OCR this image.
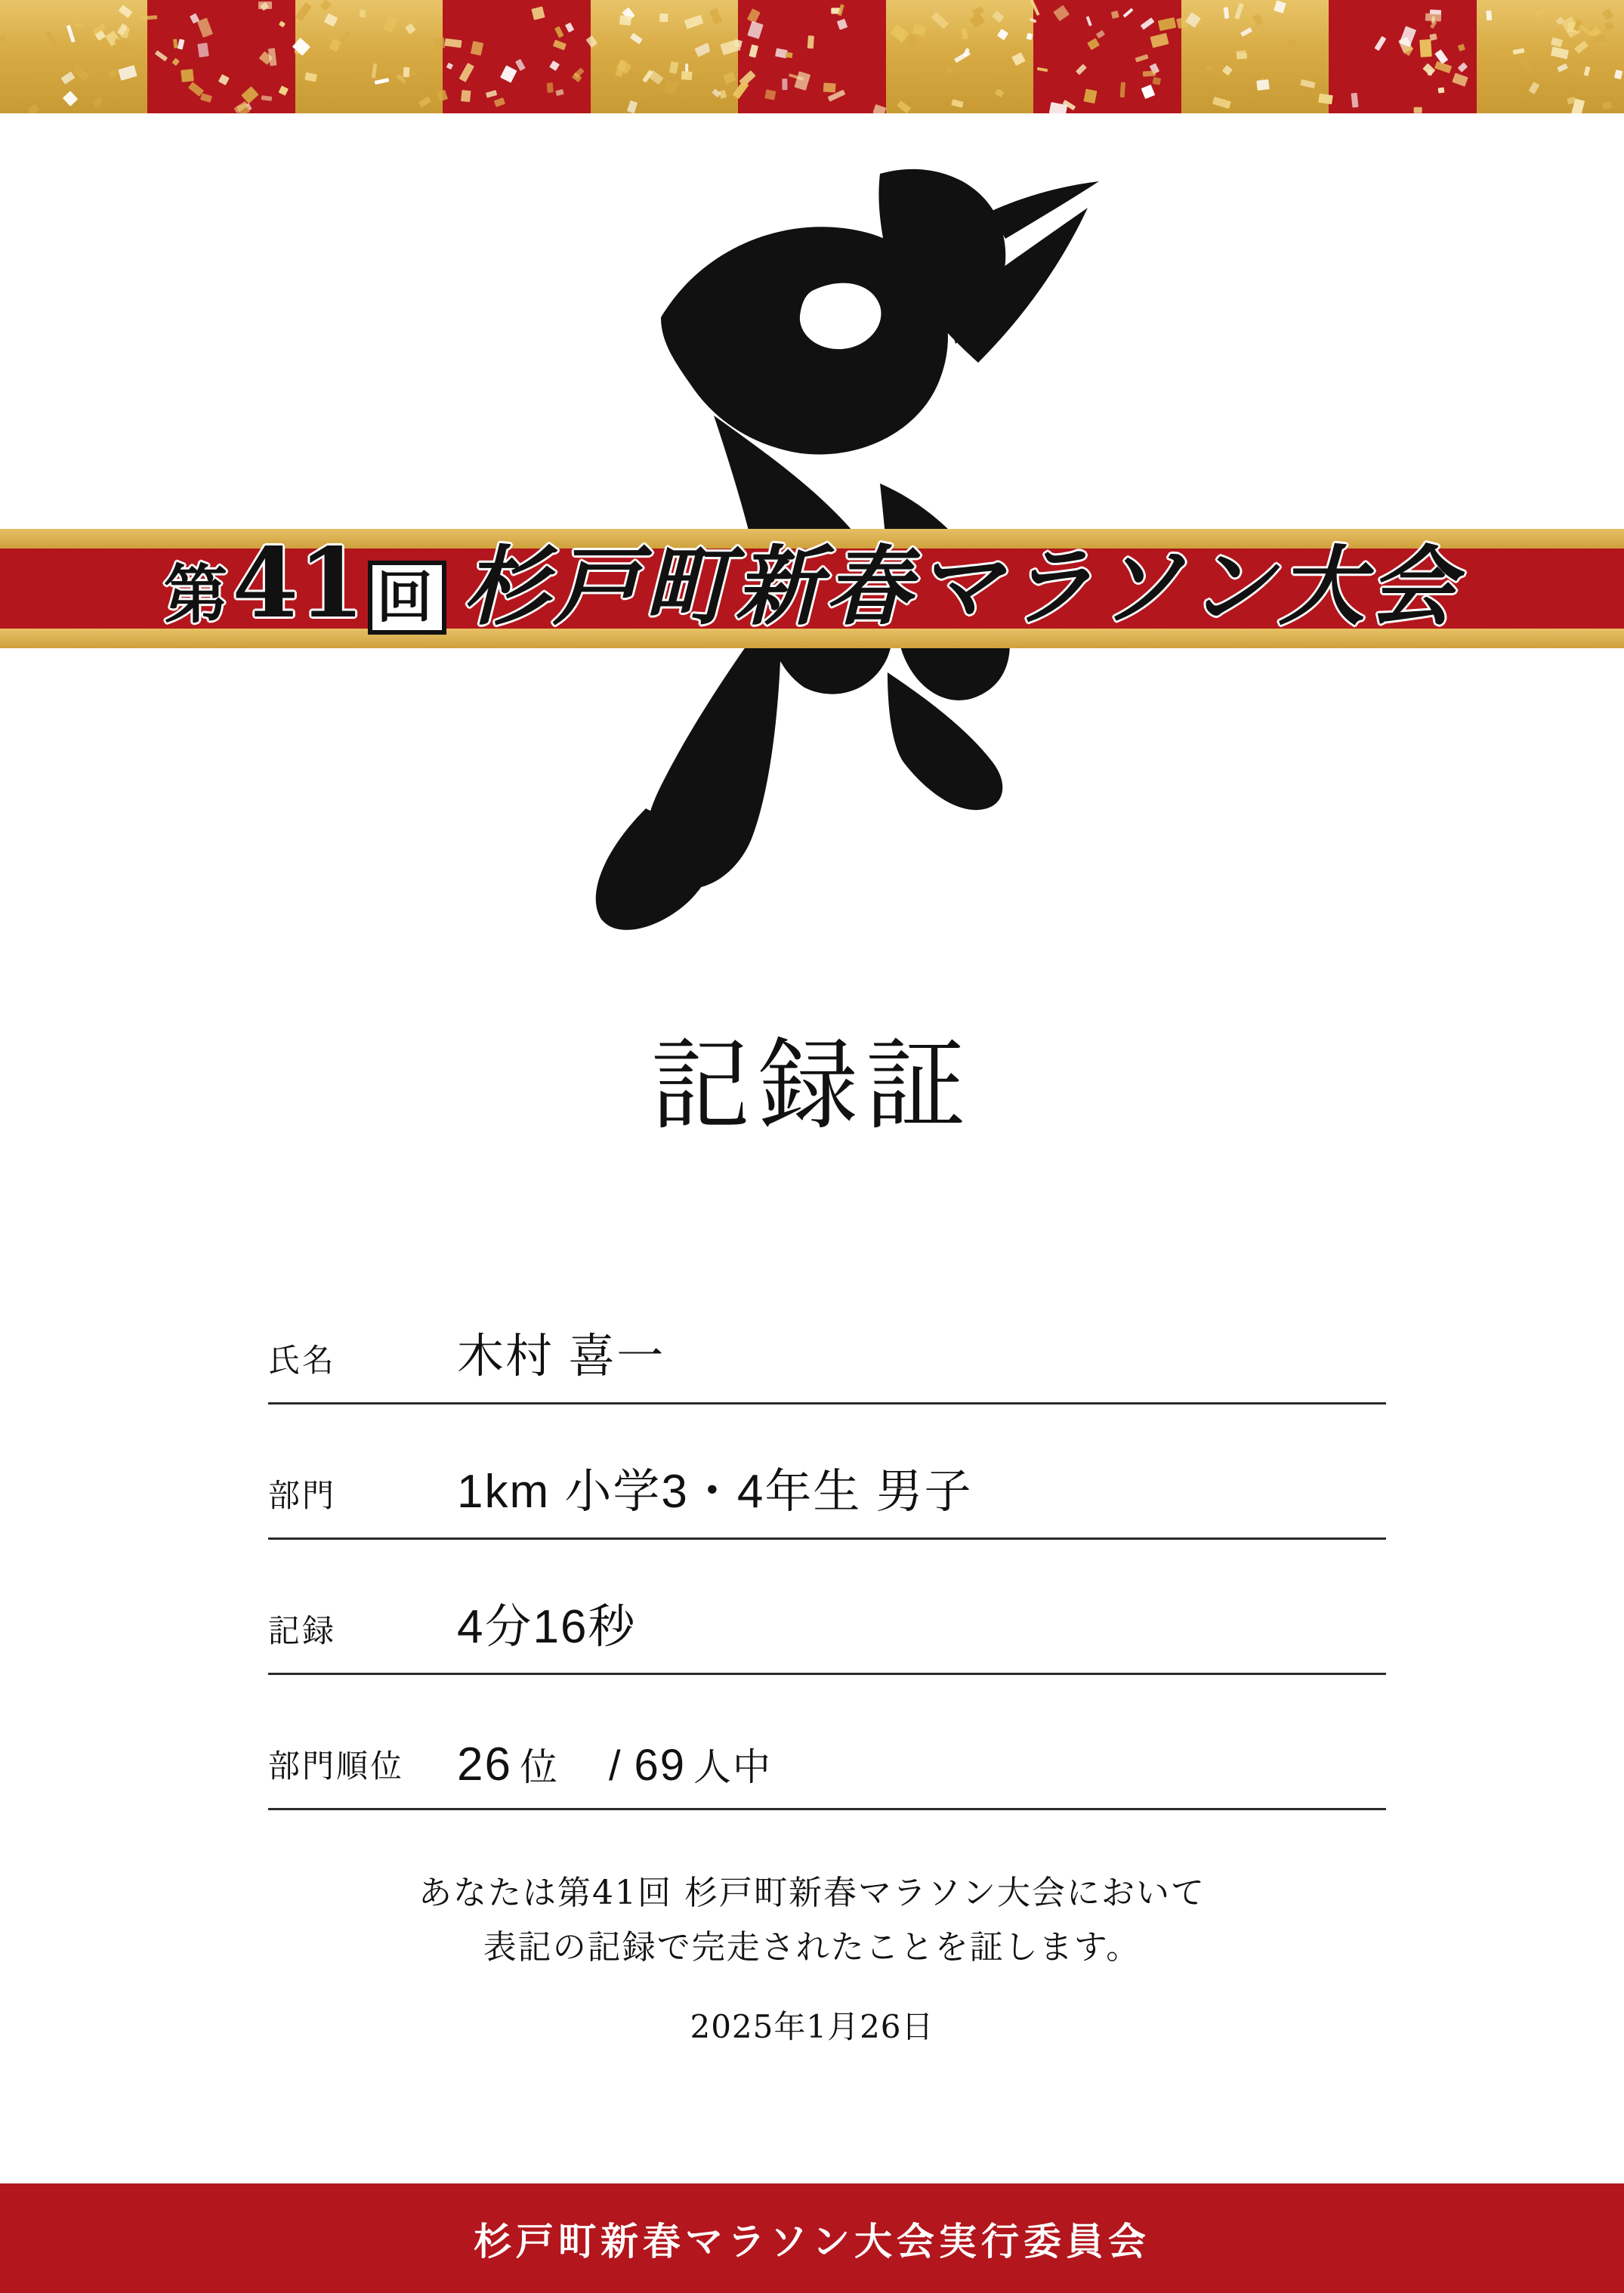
第41 回 杉戸町新春マラソン大会
記録証
氏名	木村 喜一
部門	1km 小学3・4年生 男子
記録	4分16秒
部門順位	26 位 / 69 人中
あなたは第41回 杉戸町新春マラソン大会において
表記の記録で完走されたことを証します。
2025年1月26日
杉戸町新春マラソン大会実行委員会
